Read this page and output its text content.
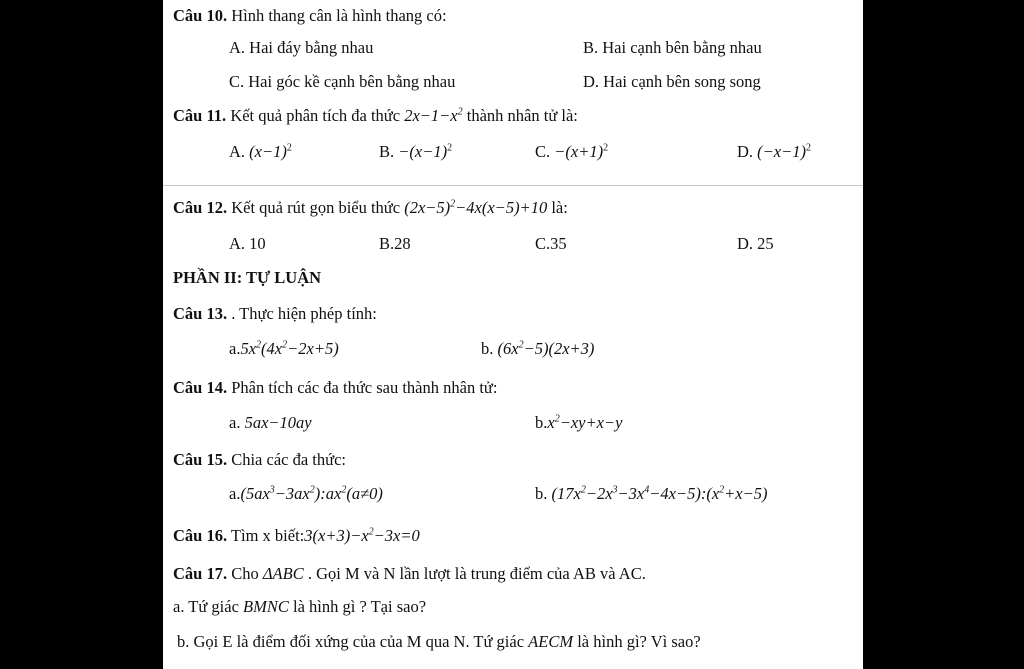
Câu 10. Hình thang cân là hình thang có:
A. Hai đáy bằng nhau	B. Hai cạnh bên bằng nhau
C. Hai góc kề cạnh bên bằng nhau	D. Hai cạnh bên song song
Câu 11. Kết quả phân tích đa thức $2x-1-x^2$ thành nhân tử là:
A. $(x-1)^2$	B. $-(x-1)^2$	C. $-(x+1)^2$	D. $(-x-1)^2$
Câu 12. Kết quả rút gọn biểu thức $(2x-5)^2-4x(x-5)+10$ là:
A. 10	B.28	C.35	D. 25
PHẦN II: TỰ LUẬN
Câu 13. . Thực hiện phép tính:
$a.5x^2(4x^2-2x+5)$	b. $(6x^2-5)(2x+3)$
Câu 14. Phân tích các đa thức sau thành nhân tử:
a. 5ax−10ay	$b.x^2-xy+x-y$
Câu 15. Chia các đa thức:
$a.(5ax^3-3ax^2):ax^2(a\ne 0)$	b. $(17x^2-2x^3-3x^4-4x-5):(x^2+x-5)$
Câu 16. Tìm x $biết:3(x+3)-x^2-3x=0$
Câu 17. Cho ΔABC . Gọi M và N lần lượt là trung điểm của AB và AC.
a. Tứ giác BMNC là hình gì ? Tại sao?
b. Gọi E là điểm đối xứng của của M qua N. Tứ giác AECM là hình gì? Vì sao?
